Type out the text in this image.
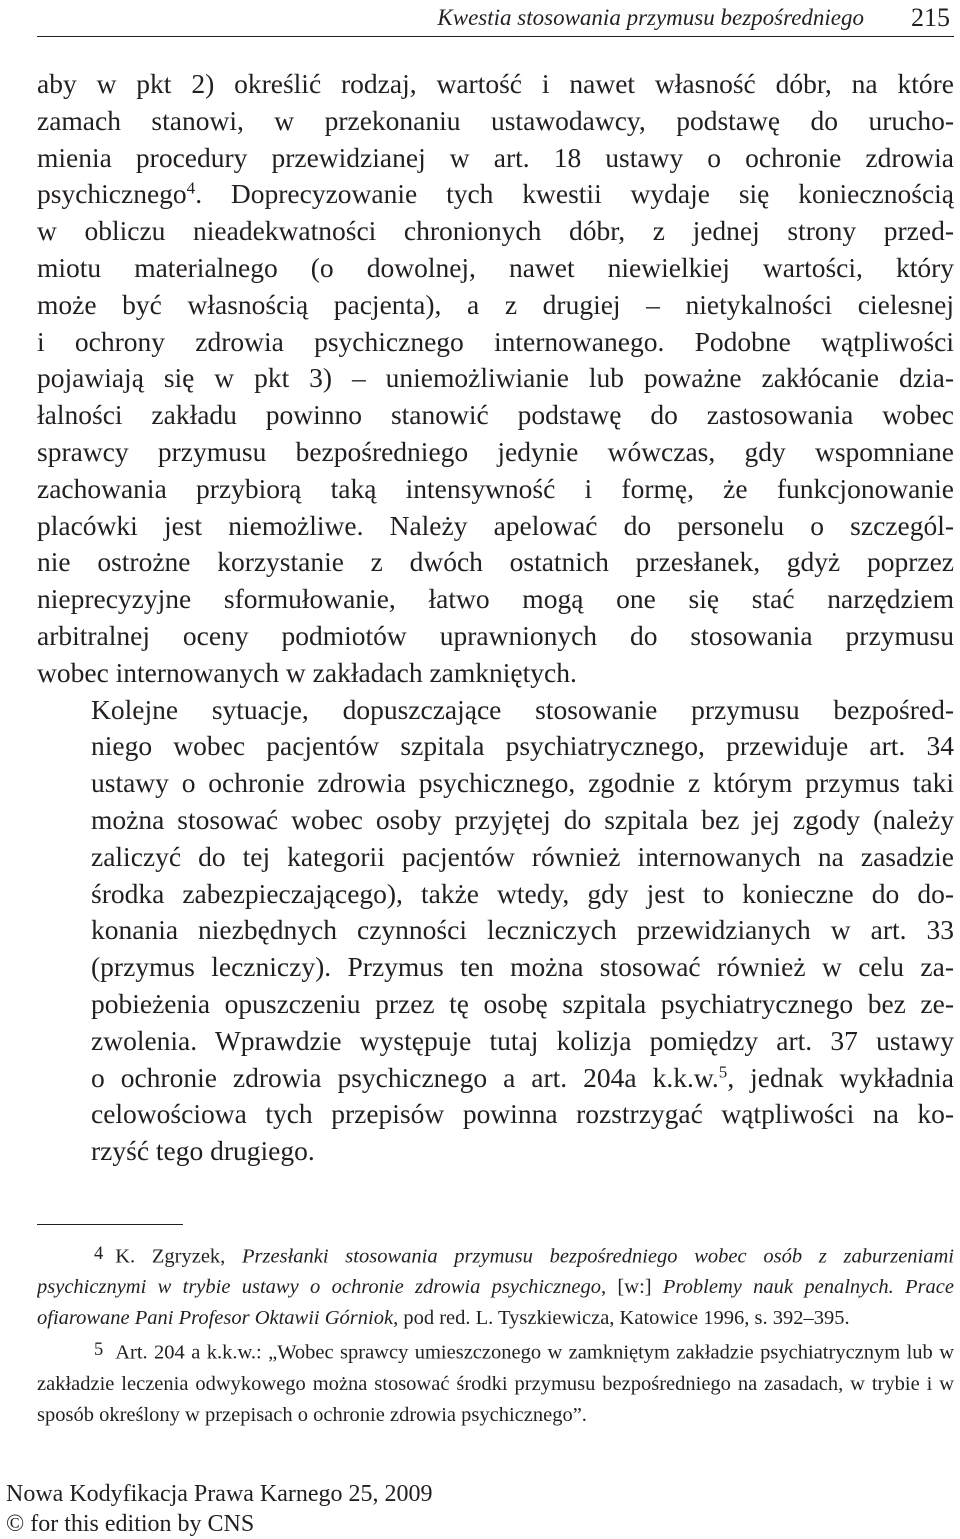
Kwestia stosowania przymusu bezpośredniego 215

aby w pkt 2) określić rodzaj, wartość i nawet własność dóbr, na które
zamach stanowi, w przekonaniu ustawodawcy, podstawę do urucho-
mienia procedury przewidzianej w art. 18 ustawy o ochronie zdrowia
psychicznego$^4$. Doprecyzowanie tych kwestii wydaje się koniecznością
w obliczu nieadekwatności chronionych dóbr, z jednej strony przed-
miotu materialnego (o dowolnej, nawet niewielkiej wartości, który
może być własnością pacjenta), a z drugiej – nietykalności cielesnej
i ochrony zdrowia psychicznego internowanego. Podobne wątpliwości
pojawiają się w pkt 3) – uniemożliwianie lub poważne zakłócanie dzia-
łalności zakładu powinno stanowić podstawę do zastosowania wobec
sprawcy przymusu bezpośredniego jedynie wówczas, gdy wspomniane
zachowania przybiorą taką intensywność i formę, że funkcjonowanie
placówki jest niemożliwe. Należy apelować do personelu o szczegól-
nie ostrożne korzystanie z dwóch ostatnich przesłanek, gdyż poprzez
nieprecyzyjne sformułowanie, łatwo mogą one się stać narzędziem
arbitralnej oceny podmiotów uprawnionych do stosowania przymusu
wobec internowanych w zakładach zamkniętych.

Kolejne sytuacje, dopuszczające stosowanie przymusu bezpośred-
niego wobec pacjentów szpitala psychiatrycznego, przewiduje art. 34
ustawy o ochronie zdrowia psychicznego, zgodnie z którym przymus taki
można stosować wobec osoby przyjętej do szpitala bez jej zgody (należy
zaliczyć do tej kategorii pacjentów również internowanych na zasadzie
środka zabezpieczającego), także wtedy, gdy jest to konieczne do do-
konania niezbędnych czynności leczniczych przewidzianych w art. 33
(przymus leczniczy). Przymus ten można stosować również w celu za-
pobieżenia opuszczeniu przez tę osobę szpitala psychiatrycznego bez ze-
zwolenia. Wprawdzie występuje tutaj kolizja pomiędzy art. 37 ustawy
o ochronie zdrowia psychicznego a art. 204a k.k.w.$^5$, jednak wykładnia
celowościowa tych przepisów powinna rozstrzygać wątpliwości na ko-
rzyść tego drugiego.

4 K. Zgryzek, Przesłanki stosowania przymusu bezpośredniego wobec osób z zaburzeniami psychicznymi w trybie ustawy o ochronie zdrowia psychicznego, [w:] Problemy nauk penalnych. Prace ofiarowane Pani Profesor Oktawii Górniok, pod red. L. Tyszkiewicza, Katowice 1996, s. 392–395.

5 Art. 204 a k.k.w.: „Wobec sprawcy umieszczonego w zamkniętym zakładzie psychiatrycznym lub w zakładzie leczenia odwykowego można stosować środki przymusu bezpośredniego na zasadach, w trybie i w sposób określony w przepisach o ochronie zdrowia psychicznego”.

Nowa Kodyfikacja Prawa Karnego 25, 2009
© for this edition by CNS
